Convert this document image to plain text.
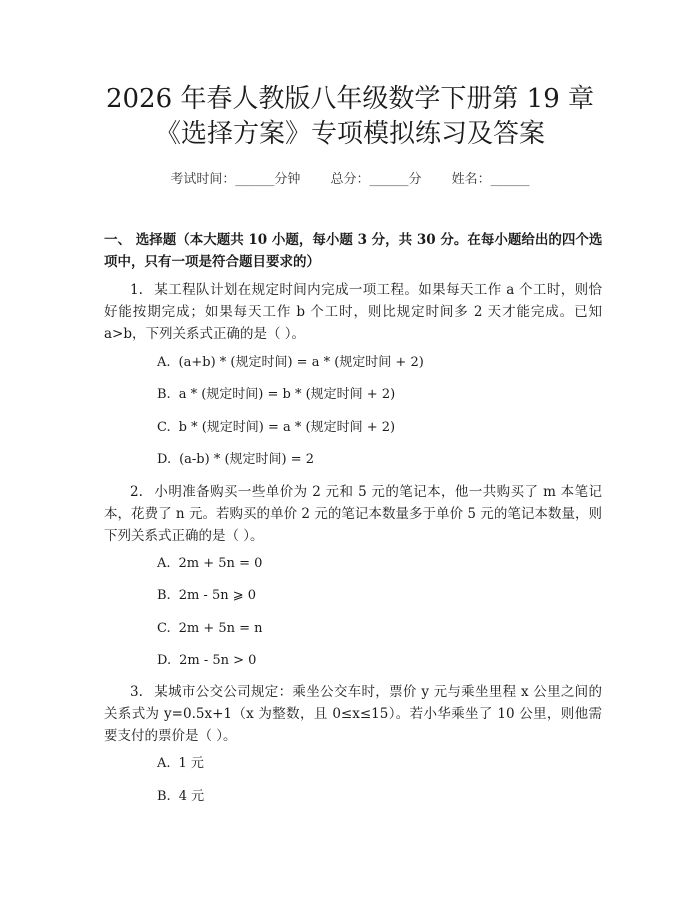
2026 年春人教版八年级数学下册第 19 章
《选择方案》专项模拟练习及答案
考试时间：______分钟 总分：______分 姓名：______
一、 选择题（本大题共 10 小题，每小题 3 分，共 30 分。在每小题给出的四个选项中，只有一项是符合题目要求的）
1. 某工程队计划在规定时间内完成一项工程。如果每天工作 a 个工时，则恰好能按期完成；如果每天工作 b 个工时，则比规定时间多 2 天才能完成。已知 a>b，下列关系式正确的是（ ）。
A. (a+b) * (规定时间) = a * (规定时间 + 2)
B. a * (规定时间) = b * (规定时间 + 2)
C. b * (规定时间) = a * (规定时间 + 2)
D. (a-b) * (规定时间) = 2
2. 小明准备购买一些单价为 2 元和 5 元的笔记本，他一共购买了 m 本笔记本，花费了 n 元。若购买的单价 2 元的笔记本数量多于单价 5 元的笔记本数量，则下列关系式正确的是（ ）。
A. 2m + 5n = 0
B. 2m - 5n ⩾ 0
C. 2m + 5n = n
D. 2m - 5n > 0
3. 某城市公交公司规定：乘坐公交车时，票价 y 元与乘坐里程 x 公里之间的关系式为 y=0.5x+1（x 为整数，且 0≤x≤15）。若小华乘坐了 10 公里，则他需要支付的票价是（ ）。
A. 1 元
B. 4 元
